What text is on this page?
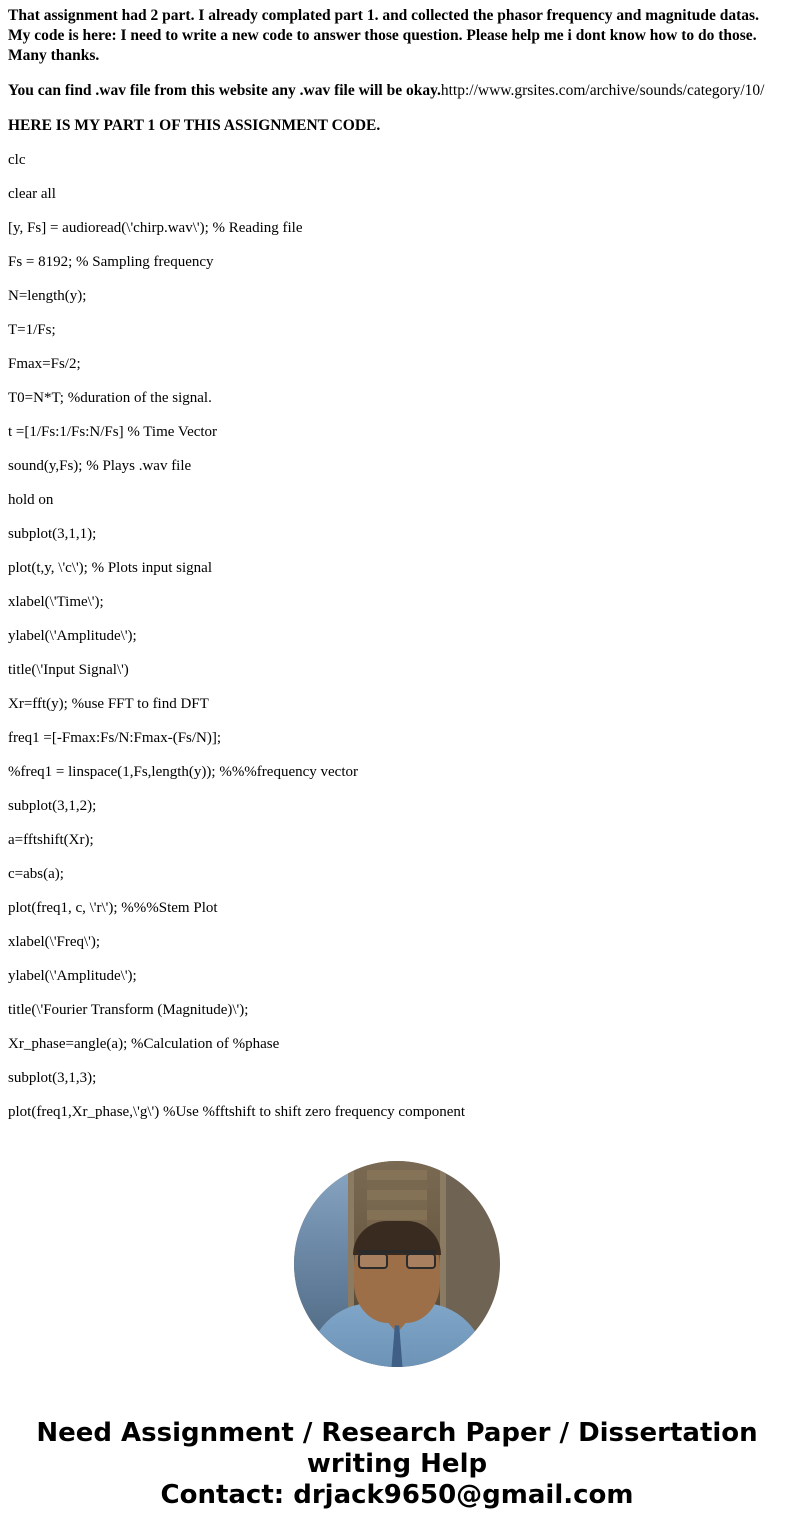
That assignment had 2 part. I already complated part 1. and collected the phasor frequency and magnitude datas.
My code is here: I need to write a new code to answer those question. Please help me i dont know how to do those.
Many thanks.
You can find .wav file from this website any .wav file will be okay.http://www.grsites.com/archive/sounds/category/10/
HERE IS MY PART 1 OF THIS ASSIGNMENT CODE.
clc
clear all
[y, Fs] = audioread(\'chirp.wav\'); % Reading file
Fs = 8192; % Sampling frequency
N=length(y);
T=1/Fs;
Fmax=Fs/2;
T0=N*T; %duration of the signal.
t =[1/Fs:1/Fs:N/Fs] % Time Vector
sound(y,Fs); % Plays .wav file
hold on
subplot(3,1,1);
plot(t,y, \'c\'); % Plots input signal
xlabel(\'Time\');
ylabel(\'Amplitude\');
title(\'Input Signal\')
Xr=fft(y); %use FFT to find DFT
freq1 =[-Fmax:Fs/N:Fmax-(Fs/N)];
%freq1 = linspace(1,Fs,length(y)); %%%frequency vector
subplot(3,1,2);
a=fftshift(Xr);
c=abs(a);
plot(freq1, c, \'r\'); %%%Stem Plot
xlabel(\'Freq\');
ylabel(\'Amplitude\');
title(\'Fourier Transform (Magnitude)\');
Xr_phase=angle(a); %Calculation of %phase
subplot(3,1,3);
plot(freq1,Xr_phase,\'g\') %Use %fftshift to shift zero frequency component
Need Assignment / Research Paper / Dissertation writing Help
Contact: drjack9650@gmail.com
